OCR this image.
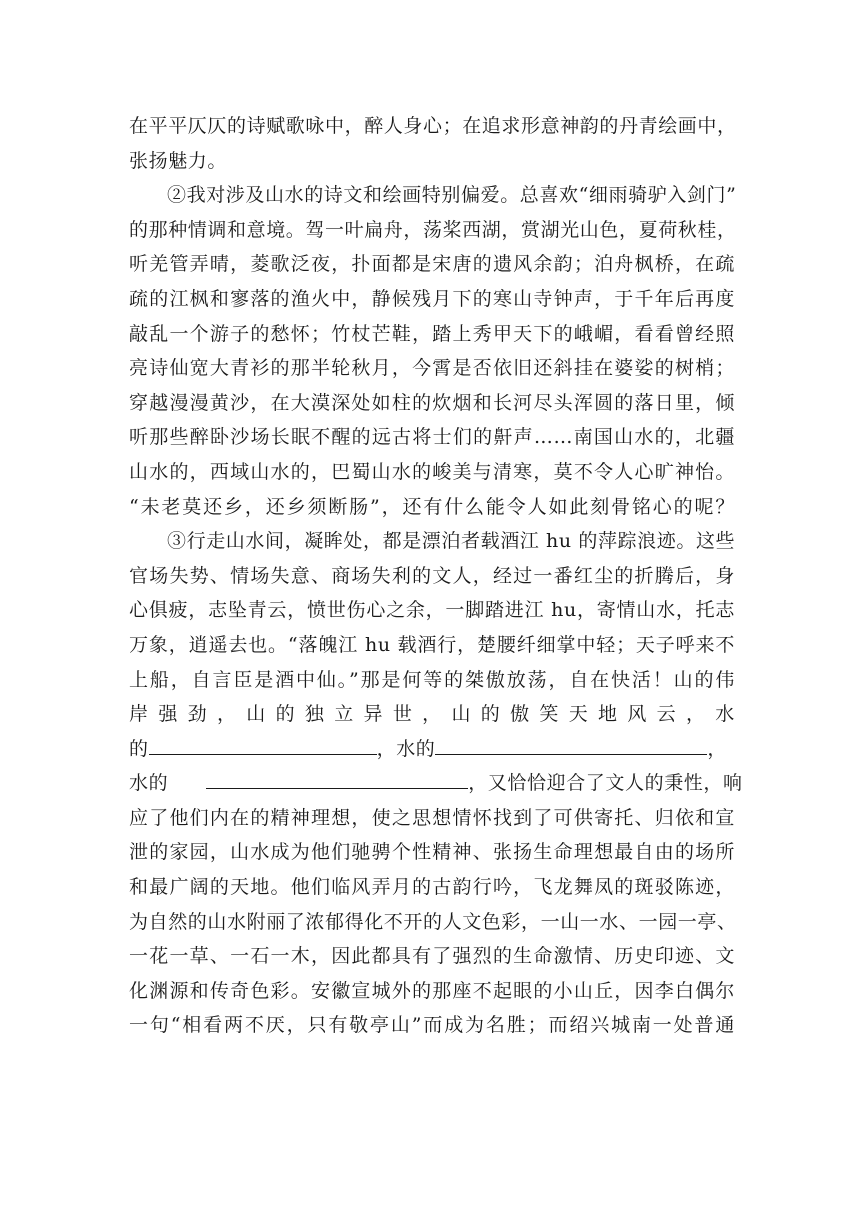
在平平仄仄的诗赋歌咏中，醉人身心；在追求形意神韵的丹青绘画中，
张扬魅力。
②我对涉及山水的诗文和绘画特别偏爱。总喜欢“细雨骑驴入剑门”
的那种情调和意境。驾一叶扁舟，荡桨西湖，赏湖光山色，夏荷秋桂，
听羌管弄晴，菱歌泛夜，扑面都是宋唐的遗风余韵；泊舟枫桥，在疏
疏的江枫和寥落的渔火中，静候残月下的寒山寺钟声，于千年后再度
敲乱一个游子的愁怀；竹杖芒鞋，踏上秀甲天下的峨嵋，看看曾经照
亮诗仙宽大青衫的那半轮秋月，今霄是否依旧还斜挂在婆娑的树梢；
穿越漫漫黄沙，在大漠深处如柱的炊烟和长河尽头浑圆的落日里，倾
听那些醉卧沙场长眠不醒的远古将士们的鼾声……南国山水的，北疆
山水的，西域山水的，巴蜀山水的峻美与清寒，莫不令人心旷神怡。
“未老莫还乡，还乡须断肠”，还有什么能令人如此刻骨铭心的呢？
③行走山水间，凝眸处，都是漂泊者载酒江 hu 的萍踪浪迹。这些
官场失势、情场失意、商场失利的文人，经过一番红尘的折腾后，身
心俱疲，志坠青云，愤世伤心之余，一脚踏进江 hu，寄情山水，托志
万象，逍遥去也。“落魄江 hu 载酒行，楚腰纤细掌中轻；天子呼来不
上船，自言臣是酒中仙。”那是何等的桀傲放荡，自在快活！山的伟
岸 强 劲 ， 山 的 独 立 异 世 ， 山 的 傲 笑 天 地 风 云 ， 水
的	，水的	，
水的	，又恰恰迎合了文人的秉性，响
应了他们内在的精神理想，使之思想情怀找到了可供寄托、归依和宣
泄的家园，山水成为他们驰骋个性精神、张扬生命理想最自由的场所
和最广阔的天地。他们临风弄月的古韵行吟，飞龙舞凤的斑驳陈迹，
为自然的山水附丽了浓郁得化不开的人文色彩，一山一水、一园一亭、
一花一草、一石一木，因此都具有了强烈的生命激情、历史印迹、文
化渊源和传奇色彩。安徽宣城外的那座不起眼的小山丘，因李白偶尔
一句“相看两不厌，只有敬亭山”而成为名胜；而绍兴城南一处普通
